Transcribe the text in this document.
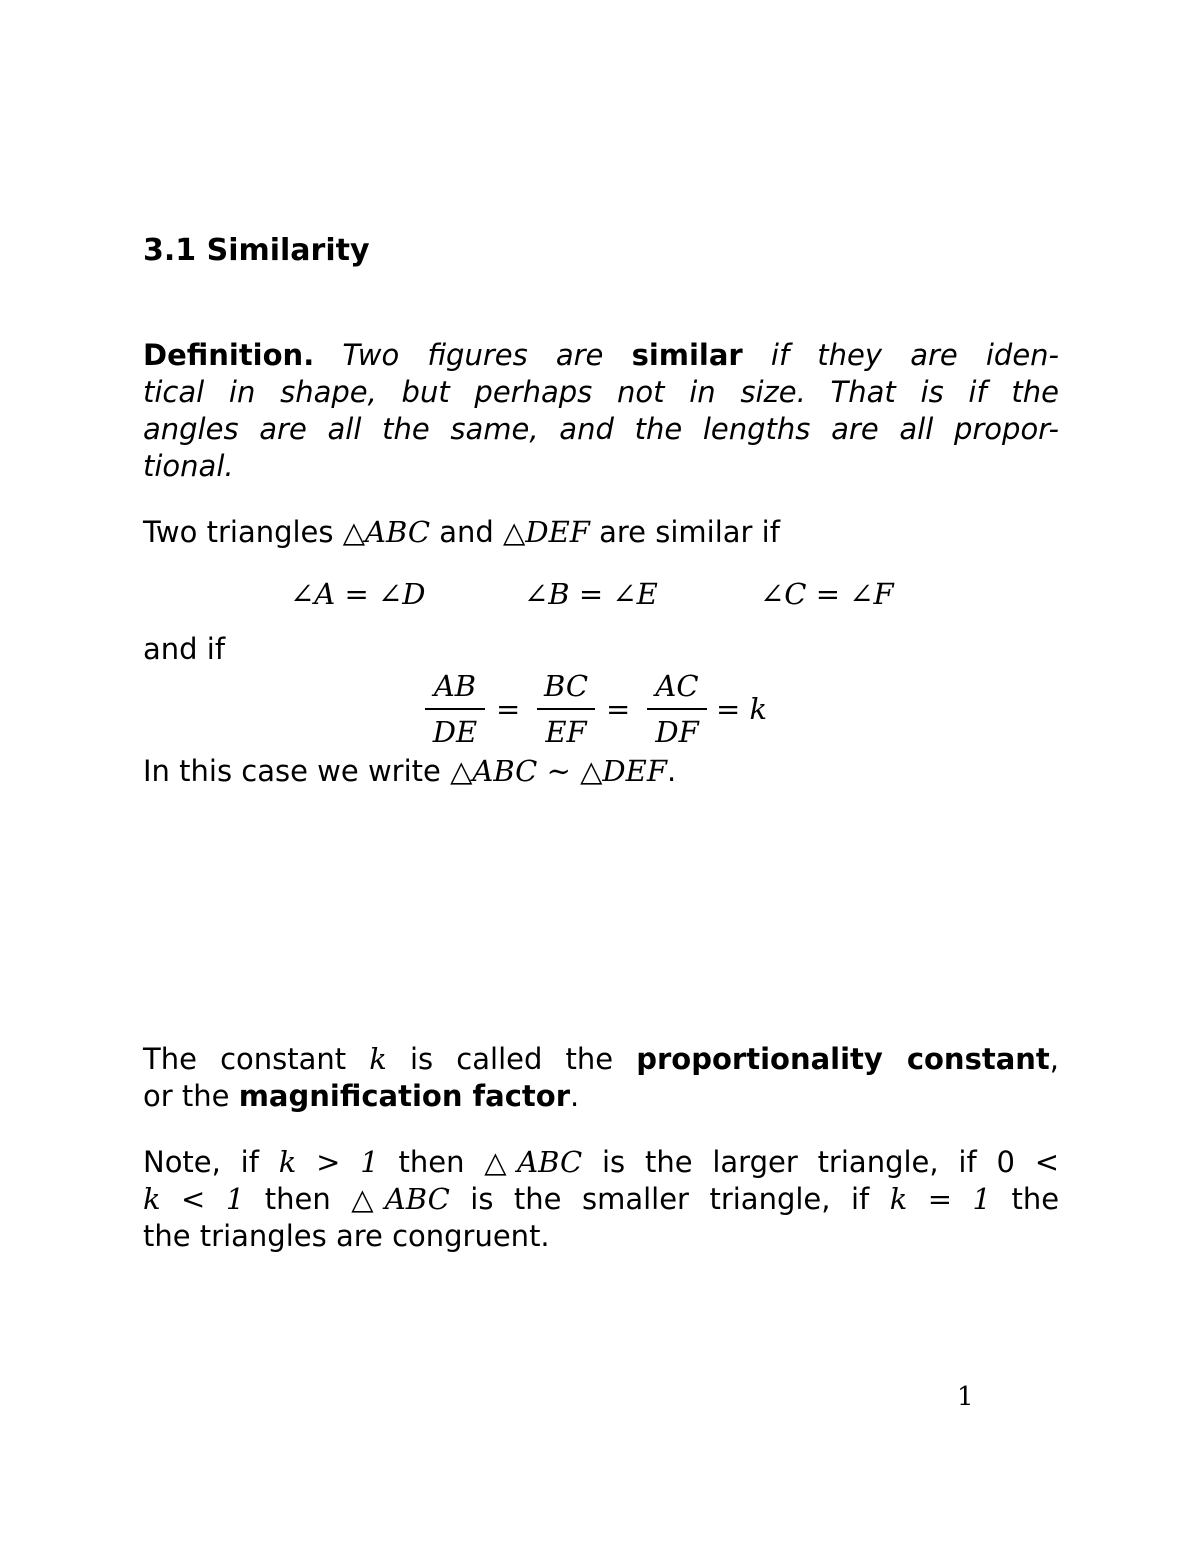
3.1 Similarity
Definition. Two figures are similar if they are iden-
tical in shape, but perhaps not in size. That is if the
angles are all the same, and the lengths are all propor-
tional.
Two triangles △ABC and △DEF are similar if
∠A = ∠D	∠B = ∠E	∠C = ∠F
and if
AB
DE
=
BC
EF
=
AC
DF
= k
In this case we write △ABC ∼ △DEF.
The constant k is called the proportionality constant,
or the magnification factor.
Note, if k > 1 then △ABC is the larger triangle, if 0 <
k < 1 then △ABC is the smaller triangle, if k = 1 the
the triangles are congruent.
1
